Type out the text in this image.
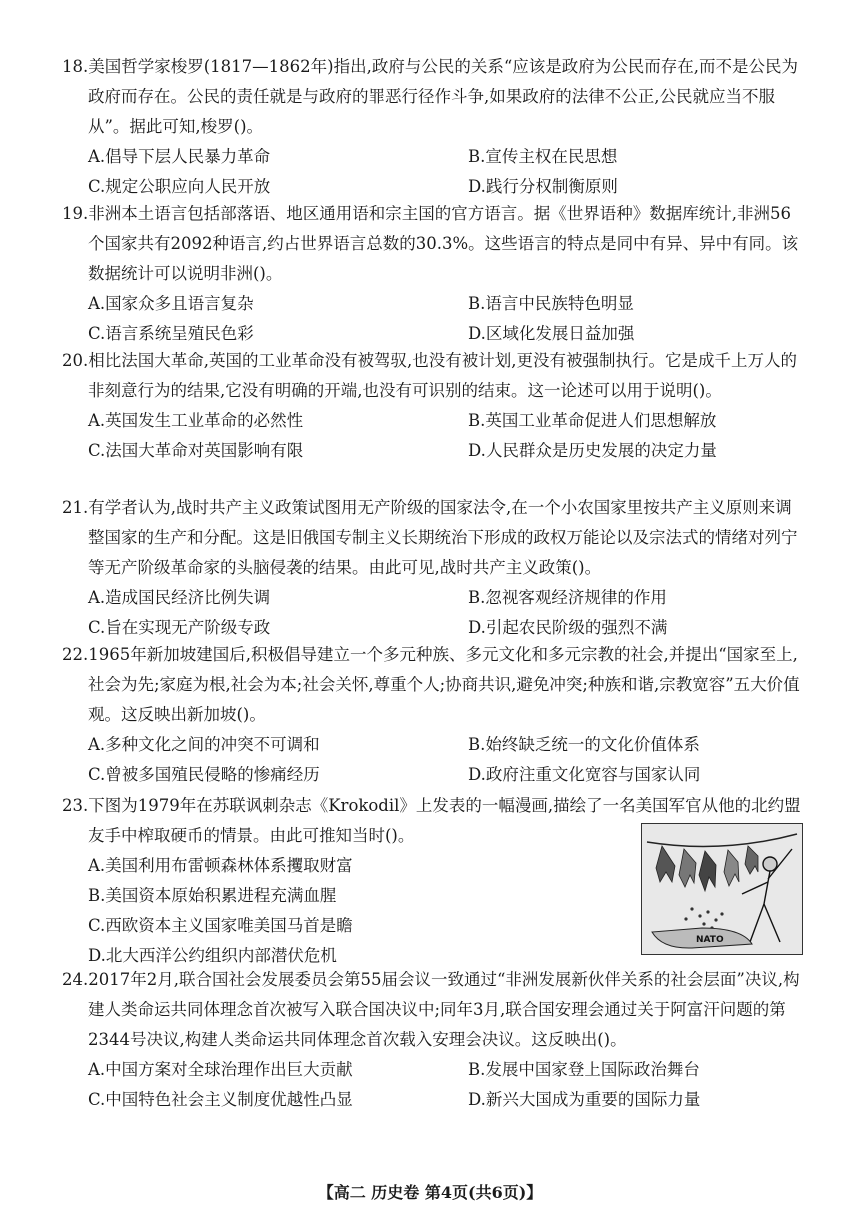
18.美国哲学家梭罗(1817—1862年)指出,政府与公民的关系“应该是政府为公民而存在,而不是公民为政府而存在。公民的责任就是与政府的罪恶行径作斗争,如果政府的法律不公正,公民就应当不服从”。据此可知,梭罗()。
A.倡导下层人民暴力革命	B.宣传主权在民思想
C.规定公职应向人民开放	D.践行分权制衡原则
19.非洲本土语言包括部落语、地区通用语和宗主国的官方语言。据《世界语种》数据库统计,非洲56个国家共有2092种语言,约占世界语言总数的30.3%。这些语言的特点是同中有异、异中有同。该数据统计可以说明非洲()。
A.国家众多且语言复杂	B.语言中民族特色明显
C.语言系统呈殖民色彩	D.区域化发展日益加强
20.相比法国大革命,英国的工业革命没有被驾驭,也没有被计划,更没有被强制执行。它是成千上万人的非刻意行为的结果,它没有明确的开端,也没有可识别的结束。这一论述可以用于说明()。
A.英国发生工业革命的必然性	B.英国工业革命促进人们思想解放
C.法国大革命对英国影响有限	D.人民群众是历史发展的决定力量
21.有学者认为,战时共产主义政策试图用无产阶级的国家法令,在一个小农国家里按共产主义原则来调整国家的生产和分配。这是旧俄国专制主义长期统治下形成的政权万能论以及宗法式的情绪对列宁等无产阶级革命家的头脑侵袭的结果。由此可见,战时共产主义政策()。
A.造成国民经济比例失调	B.忽视客观经济规律的作用
C.旨在实现无产阶级专政	D.引起农民阶级的强烈不满
22.1965年新加坡建国后,积极倡导建立一个多元种族、多元文化和多元宗教的社会,并提出“国家至上,社会为先;家庭为根,社会为本;社会关怀,尊重个人;协商共识,避免冲突;种族和谐,宗教宽容”五大价值观。这反映出新加坡()。
A.多种文化之间的冲突不可调和	B.始终缺乏统一的文化价值体系
C.曾被多国殖民侵略的惨痛经历	D.政府注重文化宽容与国家认同
23.下图为1979年在苏联讽刺杂志《Krokodil》上发表的一幅漫画,描绘了一名美国军官从他的北约盟友手中榨取硬币的情景。由此可推知当时()。
A.美国利用布雷顿森林体系攫取财富
B.美国资本原始积累进程充满血腥
C.西欧资本主义国家唯美国马首是瞻
D.北大西洋公约组织内部潜伏危机
NATO
24.2017年2月,联合国社会发展委员会第55届会议一致通过“非洲发展新伙伴关系的社会层面”决议,构建人类命运共同体理念首次被写入联合国决议中;同年3月,联合国安理会通过关于阿富汗问题的第2344号决议,构建人类命运共同体理念首次载入安理会决议。这反映出()。
A.中国方案对全球治理作出巨大贡献	B.发展中国家登上国际政治舞台
C.中国特色社会主义制度优越性凸显	D.新兴大国成为重要的国际力量
【高二 历史卷 第4页(共6页)】
